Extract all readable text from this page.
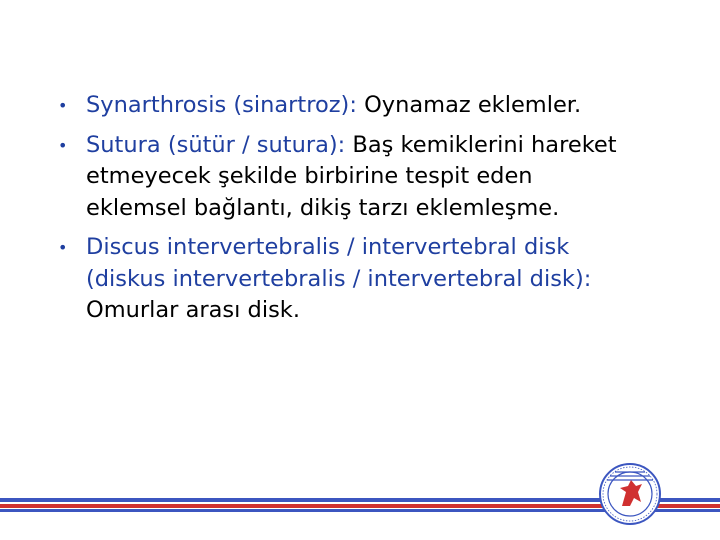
• Synarthrosis (sinartroz): Oynamaz eklemler.
• Sutura (sütür / sutura): Baş kemiklerini hareket etmeyecek şekilde birbirine tespit eden eklemsel bağlantı, dikiş tarzı eklemleşme.
• Discus intervertebralis / intervertebral disk (diskus intervertebralis / intervertebral disk): Omurlar arası disk.
